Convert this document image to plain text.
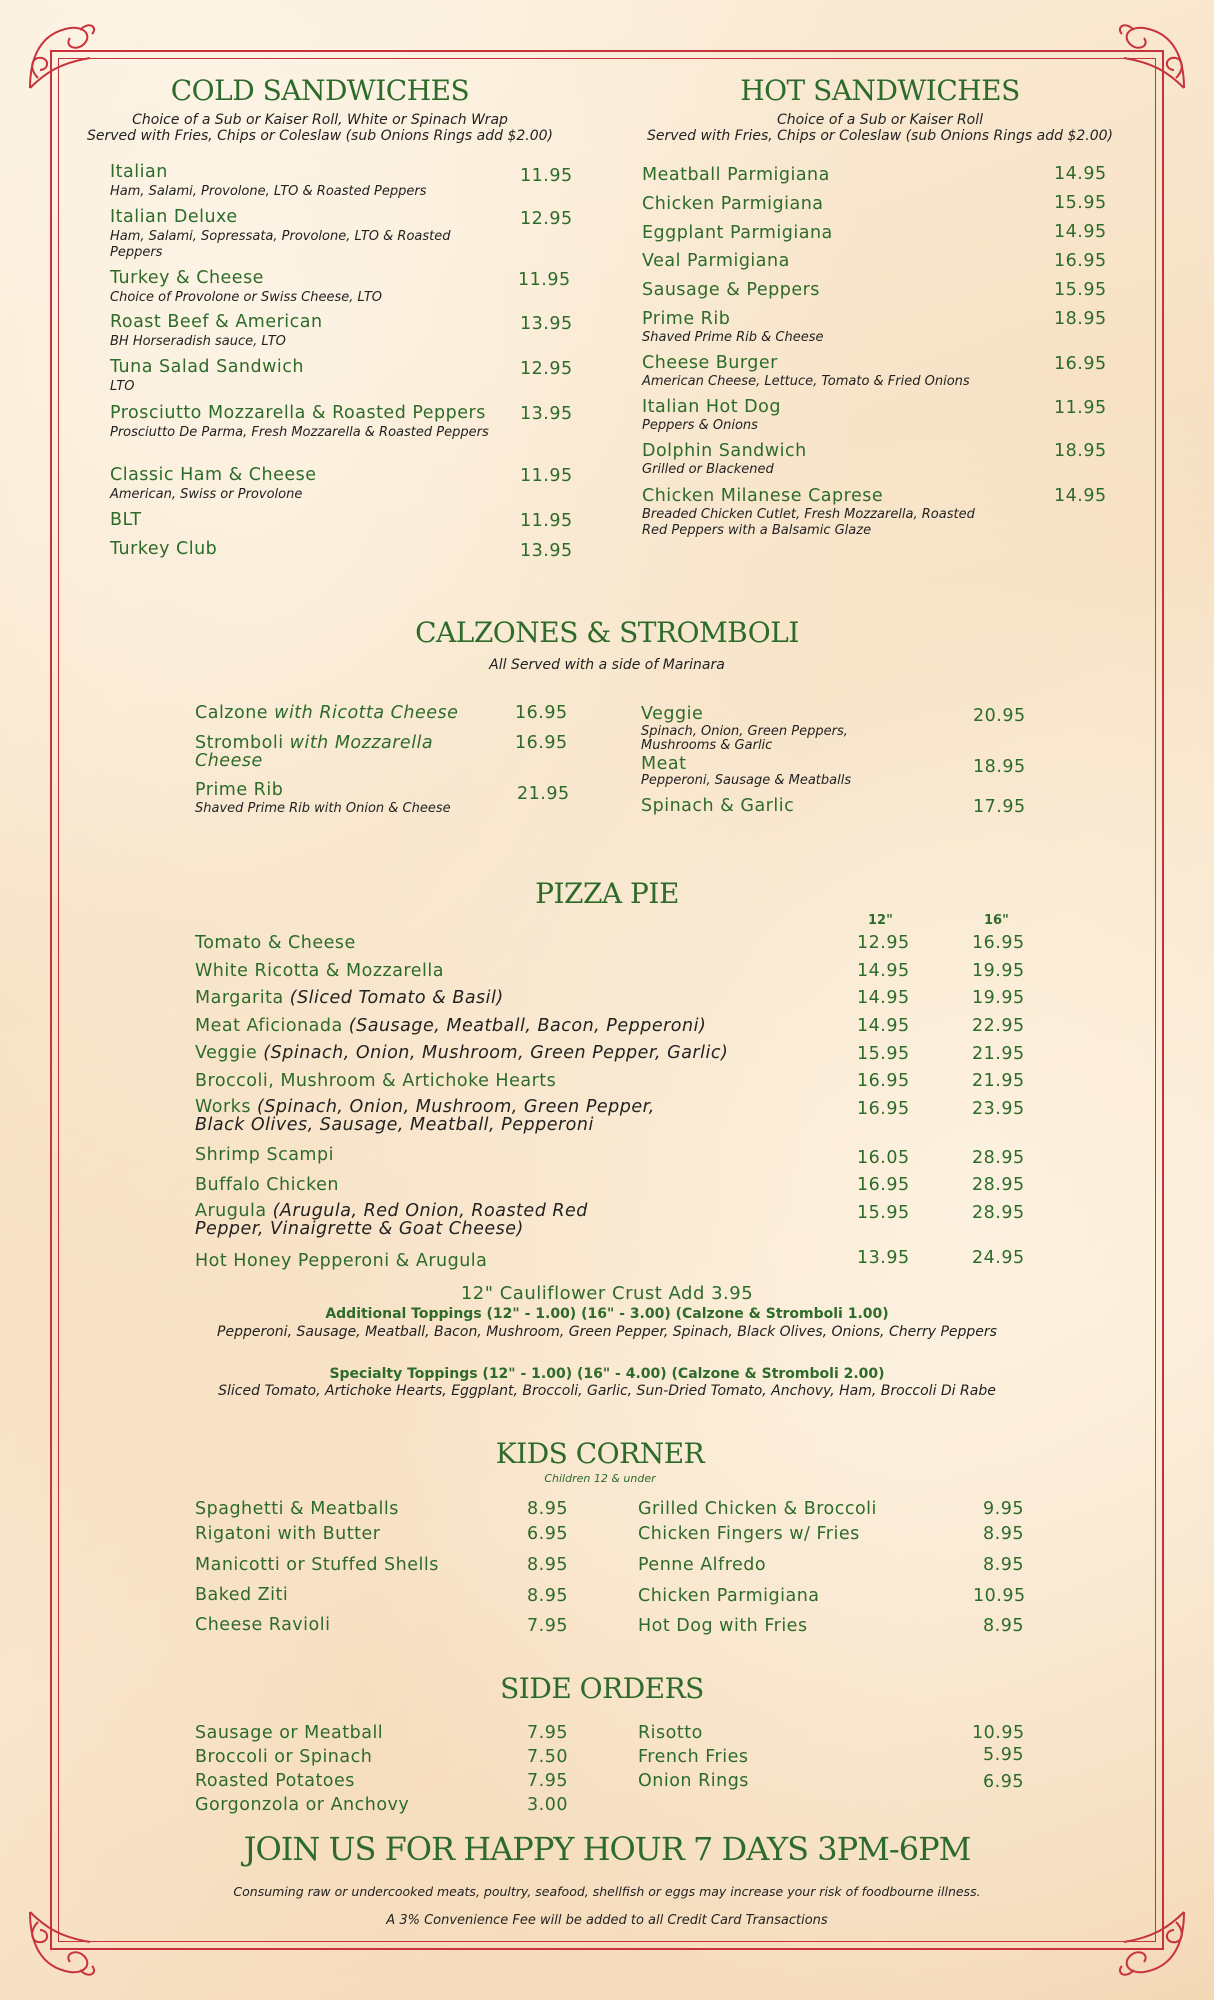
COLD SANDWICHES
Choice of a Sub or Kaiser Roll, White or Spinach Wrap
Served with Fries, Chips or Coleslaw (sub Onions Rings add $2.00)
Italian
Ham, Salami, Provolone, LTO & Roasted Peppers
11.95
Italian Deluxe
Ham, Salami, Sopressata, Provolone, LTO & Roasted Peppers
12.95
Turkey & Cheese
Choice of Provolone or Swiss Cheese, LTO
11.95
Roast Beef & American
BH Horseradish sauce, LTO
13.95
Tuna Salad Sandwich
LTO
12.95
Prosciutto Mozzarella & Roasted Peppers
Prosciutto De Parma, Fresh Mozzarella & Roasted Peppers
13.95
Classic Ham & Cheese
American, Swiss or Provolone
11.95
BLT	11.95
Turkey Club	13.95
HOT SANDWICHES
Choice of a Sub or Kaiser Roll
Served with Fries, Chips or Coleslaw (sub Onions Rings add $2.00)
Meatball Parmigiana	14.95
Chicken Parmigiana	15.95
Eggplant Parmigiana	14.95
Veal Parmigiana	16.95
Sausage & Peppers	15.95
Prime Rib
Shaved Prime Rib & Cheese
18.95
Cheese Burger
American Cheese, Lettuce, Tomato & Fried Onions
16.95
Italian Hot Dog
Peppers & Onions
11.95
Dolphin Sandwich
Grilled or Blackened
18.95
Chicken Milanese Caprese
Breaded Chicken Cutlet, Fresh Mozzarella, Roasted Red Peppers with a Balsamic Glaze
14.95
CALZONES & STROMBOLI
All Served with a side of Marinara
Calzone with Ricotta Cheese	16.95
Stromboli with Mozzarella Cheese
16.95
Prime Rib
Shaved Prime Rib with Onion & Cheese
21.95
Veggie
Spinach, Onion, Green Peppers, Mushrooms & Garlic
20.95
Meat
Pepperoni, Sausage & Meatballs
18.95
Spinach & Garlic	17.95
PIZZA PIE
12"	16"
Tomato & Cheese	12.95	16.95
White Ricotta & Mozzarella	14.95	19.95
Margarita (Sliced Tomato & Basil)	14.95	19.95
Meat Aficionada (Sausage, Meatball, Bacon, Pepperoni)	14.95	22.95
Veggie (Spinach, Onion, Mushroom, Green Pepper, Garlic)	15.95	21.95
Broccoli, Mushroom & Artichoke Hearts	16.95	21.95
Works (Spinach, Onion, Mushroom, Green Pepper, Black Olives, Sausage, Meatball, Pepperoni
16.95	23.95
Shrimp Scampi	16.05	28.95
Buffalo Chicken	16.95	28.95
Arugula (Arugula, Red Onion, Roasted Red Pepper, Vinaigrette & Goat Cheese)
15.95	28.95
Hot Honey Pepperoni & Arugula	13.95	24.95
12" Cauliflower Crust Add 3.95
Additional Toppings (12" - 1.00) (16" - 3.00) (Calzone & Stromboli 1.00)
Pepperoni, Sausage, Meatball, Bacon, Mushroom, Green Pepper, Spinach, Black Olives, Onions, Cherry Peppers
Specialty Toppings (12" - 1.00) (16" - 4.00) (Calzone & Stromboli 2.00)
Sliced Tomato, Artichoke Hearts, Eggplant, Broccoli, Garlic, Sun-Dried Tomato, Anchovy, Ham, Broccoli Di Rabe
KIDS CORNER
Children 12 & under
Spaghetti & Meatballs	8.95
Rigatoni with Butter	6.95
Manicotti or Stuffed Shells	8.95
Baked Ziti	8.95
Cheese Ravioli	7.95
Grilled Chicken & Broccoli	9.95
Chicken Fingers w/ Fries	8.95
Penne Alfredo	8.95
Chicken Parmigiana	10.95
Hot Dog with Fries	8.95
SIDE ORDERS
Sausage or Meatball	7.95
Broccoli or Spinach	7.50
Roasted Potatoes	7.95
Gorgonzola or Anchovy	3.00
Risotto	10.95
French Fries	5.95
Onion Rings	6.95
JOIN US FOR HAPPY HOUR 7 DAYS 3PM-6PM
Consuming raw or undercooked meats, poultry, seafood, shellfish or eggs may increase your risk of foodbourne illness.
A 3% Convenience Fee will be added to all Credit Card Transactions
